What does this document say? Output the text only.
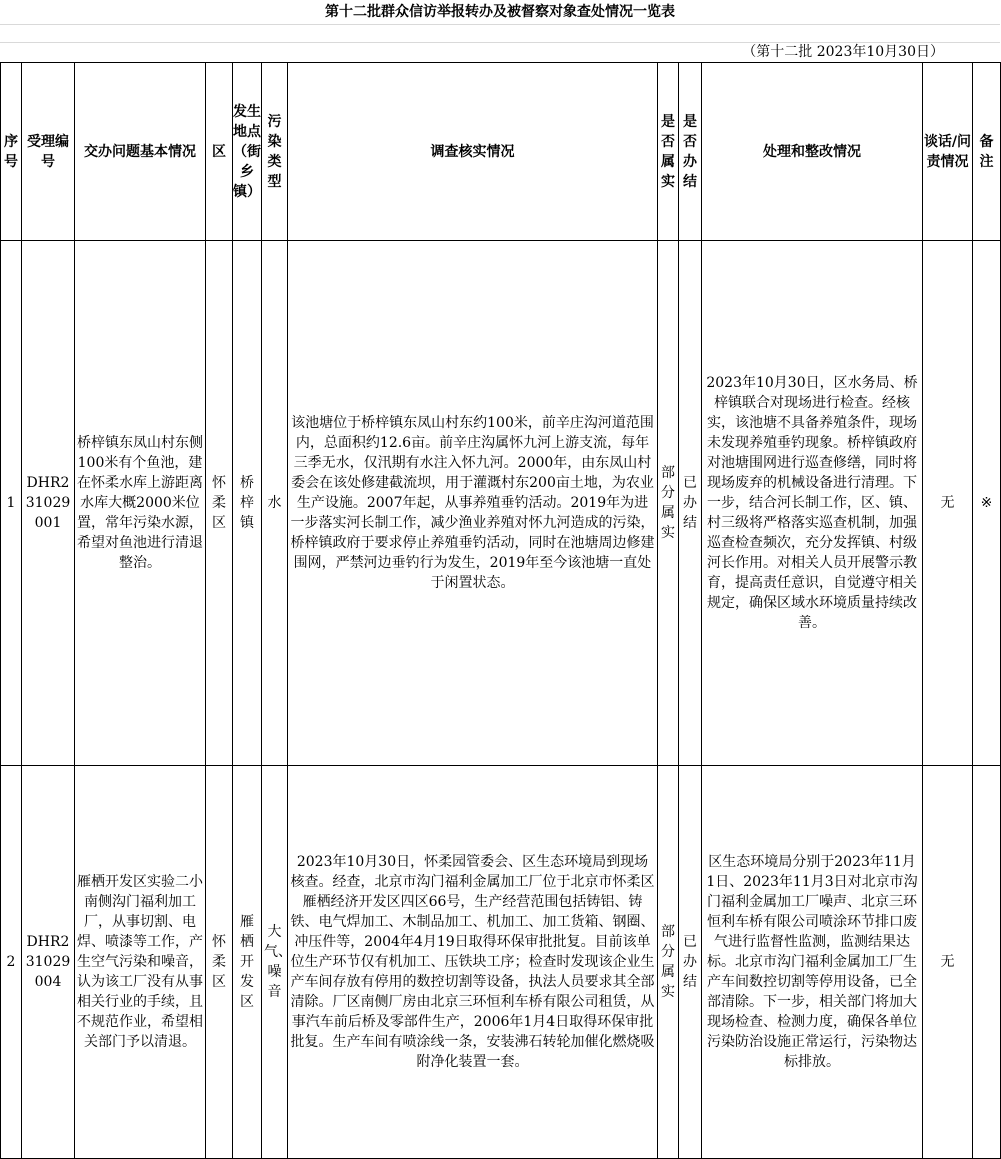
第十二批群众信访举报转办及被督察对象查处情况一览表
（第十二批 2023年10月30日）
序号	受理编号	交办问题基本情况	区	发生地点（街乡镇）	污染类型	调查核实情况	是否属实	是否办结	处理和整改情况	谈话/问责情况	备注
1	DHR231029001	桥梓镇东凤山村东侧100米有个鱼池，建在怀柔水库上游距离水库大概2000米位置，常年污染水源，希望对鱼池进行清退整治。	怀柔区	桥梓镇	水	该池塘位于桥梓镇东凤山村东约100米，前辛庄沟河道范围内，总面积约12.6亩。前辛庄沟属怀九河上游支流，每年三季无水，仅汛期有水注入怀九河。2000年，由东凤山村委会在该处修建截流坝，用于灌溉村东200亩土地，为农业生产设施。2007年起，从事养殖垂钓活动。2019年为进一步落实河长制工作，减少渔业养殖对怀九河造成的污染，桥梓镇政府于要求停止养殖垂钓活动，同时在池塘周边修建围网，严禁河边垂钓行为发生，2019年至今该池塘一直处于闲置状态。	部分属实	已办结	2023年10月30日，区水务局、桥梓镇联合对现场进行检查。经核实，该池塘不具备养殖条件，现场未发现养殖垂钓现象。桥梓镇政府对池塘围网进行巡查修缮，同时将现场废弃的机械设备进行清理。下一步，结合河长制工作，区、镇、村三级将严格落实巡查机制，加强巡查检查频次，充分发挥镇、村级河长作用。对相关人员开展警示教育，提高责任意识，自觉遵守相关规定，确保区域水环境质量持续改善。	无	※
2	DHR231029004	雁栖开发区实验二小南侧沟门福利加工厂，从事切割、电焊、喷漆等工作，产生空气污染和噪音，认为该工厂没有从事相关行业的手续，且不规范作业，希望相关部门予以清退。	怀柔区	雁栖开发区	大气、噪音	2023年10月30日，怀柔园管委会、区生态环境局到现场核查。经查，北京市沟门福利金属加工厂位于北京市怀柔区雁栖经济开发区四区66号，生产经营范围包括铸铝、铸铁、电气焊加工、木制品加工、机加工、加工货箱、钢圈、冲压件等，2004年4月19日取得环保审批批复。目前该单位生产环节仅有机加工、压铁块工序；检查时发现该企业生产车间存放有停用的数控切割等设备，执法人员要求其全部清除。厂区南侧厂房由北京三环恒利车桥有限公司租赁，从事汽车前后桥及零部件生产，2006年1月4日取得环保审批批复。生产车间有喷涂线一条，安装沸石转轮加催化燃烧吸附净化装置一套。	部分属实	已办结	区生态环境局分别于2023年11月1日、2023年11月3日对北京市沟门福利金属加工厂噪声、北京三环恒利车桥有限公司喷涂环节排口废气进行监督性监测，监测结果达标。北京市沟门福利金属加工厂生产车间数控切割等停用设备，已全部清除。下一步，相关部门将加大现场检查、检测力度，确保各单位污染防治设施正常运行，污染物达标排放。	无	
